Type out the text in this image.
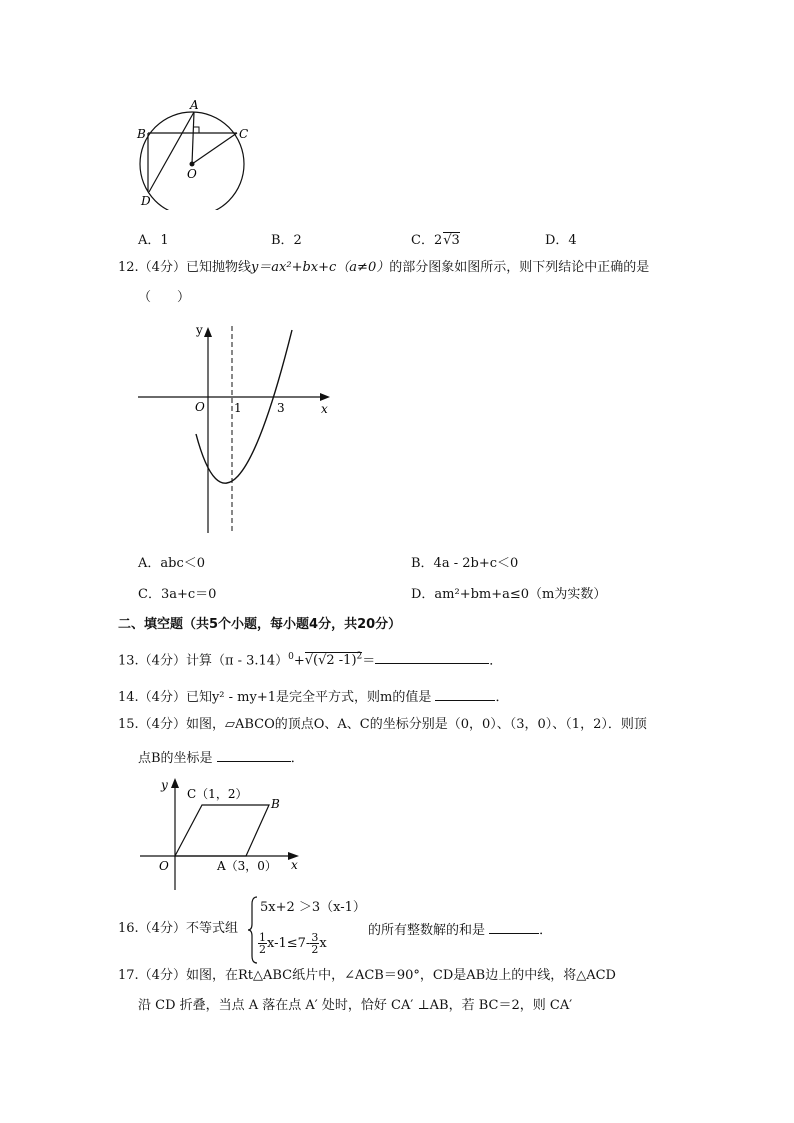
A
B	C
D
O
A．1	B．2	C．2√3	D．4
12.（4分）已知抛物线y＝ax²+bx+c（a≠0）的部分图象如图所示，则下列结论中正确的是
（　　）
y
x
O 1	3
A．abc＜0	B．4a - 2b+c＜0
C．3a+c＝0	D．am²+bm+a≤0（m为实数）
二、填空题（共5个小题，每小题4分，共20分）
13.（4分）计算（π - 3.14）$^0$+√(√2 -1)$^2$＝	．
14.（4分）已知y² - my+1是完全平方式，则m的值是	．
15.（4分）如图，▱ABCO的顶点O、A、C的坐标分别是（0，0）、（3，0）、（1，2）．则顶
点B的坐标是	．
y
x
O
C（1，2）
B
A（3，0）
16.（4分）不等式组
5x+2 ＞3（x-1）
$\frac{1}{2} x-1\le 7- \frac{3}{2}$ x
的所有整数解的和是	．
17.（4分）如图，在Rt△ABC纸片中，∠ACB＝90°，CD是AB边上的中线，将△ACD
沿 CD 折叠，当点 A 落在点 A′ 处时，恰好 CA′ ⊥AB，若 BC＝2，则 CA′
